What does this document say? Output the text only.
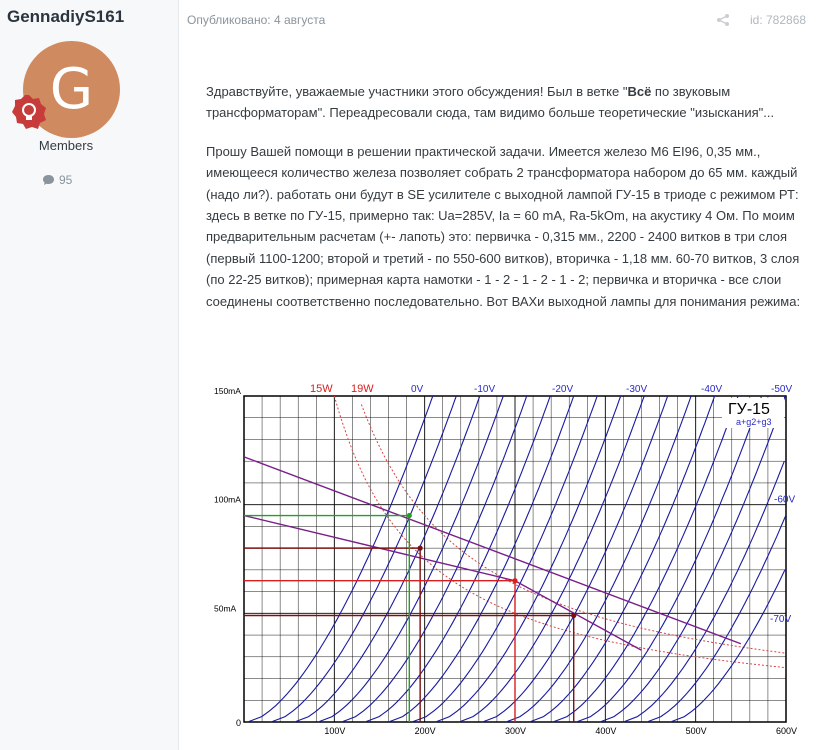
GennadiyS161
G
Members
95
Опубликовано: 4 августа	id: 782868

Здравствуйте, уважаемые участники этого обсуждения! Был в ветке "Всё по звуковым трансформаторам". Переадресовали сюда, там видимо больше теоретические "изыскания"...

Прошу Вашей помощи в решении практической задачи. Имеется железо М6 EI96, 0,35 мм., имеющееся количество железа позволяет собрать 2 трансформатора набором до 65 мм. каждый (надо ли?). работать они будут в SE усилителе с выходной лампой ГУ-15 в триоде с режимом РТ: здесь в ветке по ГУ-15, примерно так: Ua=285V, Ia = 60 mA, Ra-5kOm, на акустику 4 Ом. По моим предварительным расчетам (+- лапоть) это: первичка - 0,315 мм., 2200 - 2400 витков в три слоя (первый 1100-1200; второй и третий - по 550-600 витков), вторичка - 1,18 мм. 60-70 витков, 3 слоя (по 22-25 витков); примерная карта намотки - 1 - 2 - 1 - 2 - 1 - 2; первичка и вторичка - все слои соединены соответственно последовательно. Вот ВАХи выходной лампы для понимания режима:

100V	200V	300V	400V	500V	600V
0
50mA
100mA
150mA	0V	-10V	-20V	-30V	-40V	-50V
-60V
-70V
15W 19W
ГУ-15
a+g2+g3
